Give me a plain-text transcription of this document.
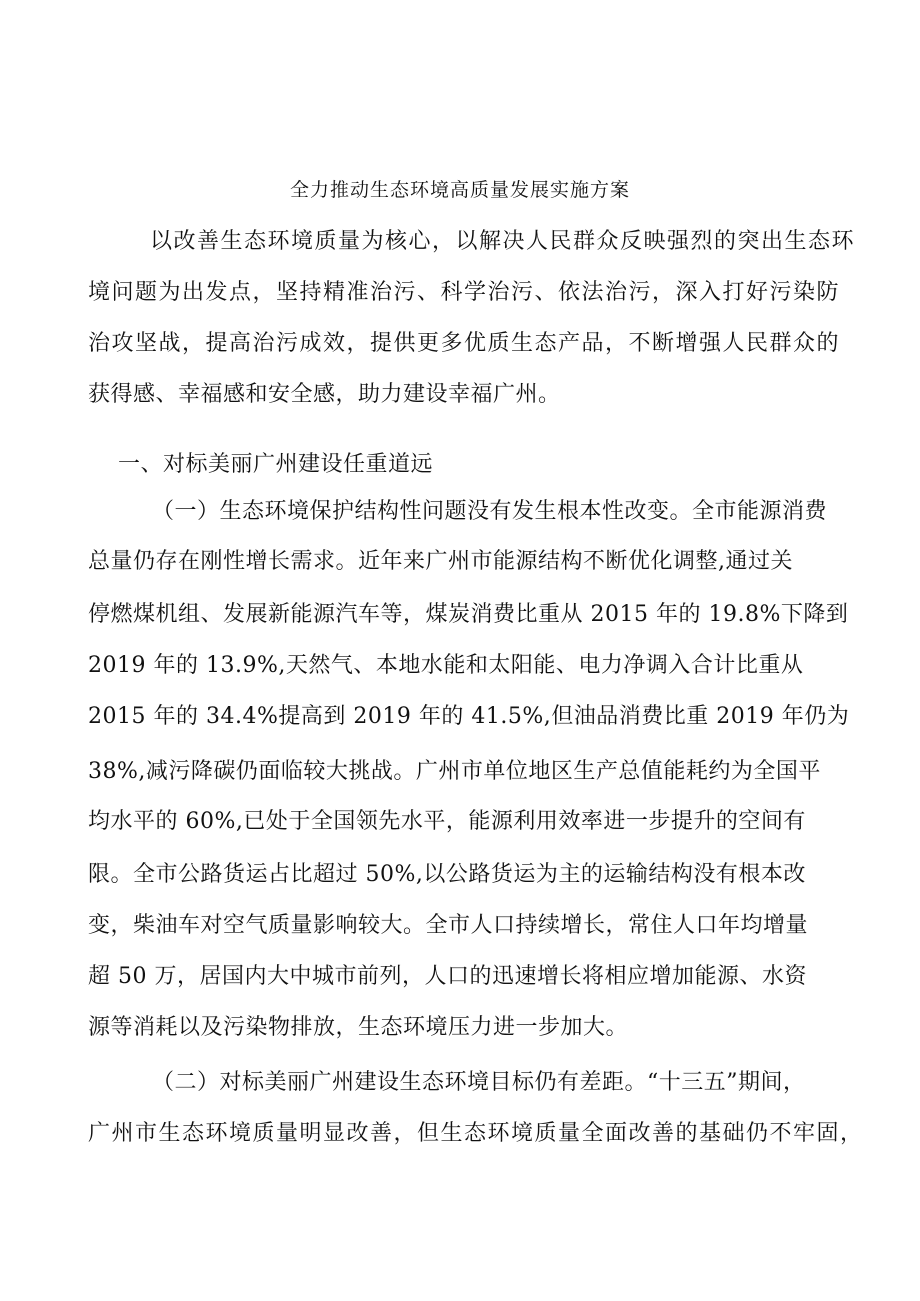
全力推动生态环境高质量发展实施方案
以改善生态环境质量为核心，以解决人民群众反映强烈的突出生态环
境问题为出发点，坚持精准治污、科学治污、依法治污，深入打好污染防
治攻坚战，提高治污成效，提供更多优质生态产品，不断增强人民群众的
获得感、幸福感和安全感，助力建设幸福广州。
一、对标美丽广州建设任重道远
（一）生态环境保护结构性问题没有发生根本性改变。全市能源消费
总量仍存在刚性增长需求。近年来广州市能源结构不断优化调整,通过关
停燃煤机组、发展新能源汽车等，煤炭消费比重从 2015 年的 19.8%下降到
2019 年的 13.9%,天然气、本地水能和太阳能、电力净调入合计比重从
2015 年的 34.4%提高到 2019 年的 41.5%,但油品消费比重 2019 年仍为
38%,减污降碳仍面临较大挑战。广州市单位地区生产总值能耗约为全国平
均水平的 60%,已处于全国领先水平，能源利用效率进一步提升的空间有
限。全市公路货运占比超过 50%,以公路货运为主的运输结构没有根本改
变，柴油车对空气质量影响较大。全市人口持续增长，常住人口年均增量
超 50 万，居国内大中城市前列，人口的迅速增长将相应增加能源、水资
源等消耗以及污染物排放，生态环境压力进一步加大。
（二）对标美丽广州建设生态环境目标仍有差距。“十三五”期间，
广州市生态环境质量明显改善，但生态环境质量全面改善的基础仍不牢固，
